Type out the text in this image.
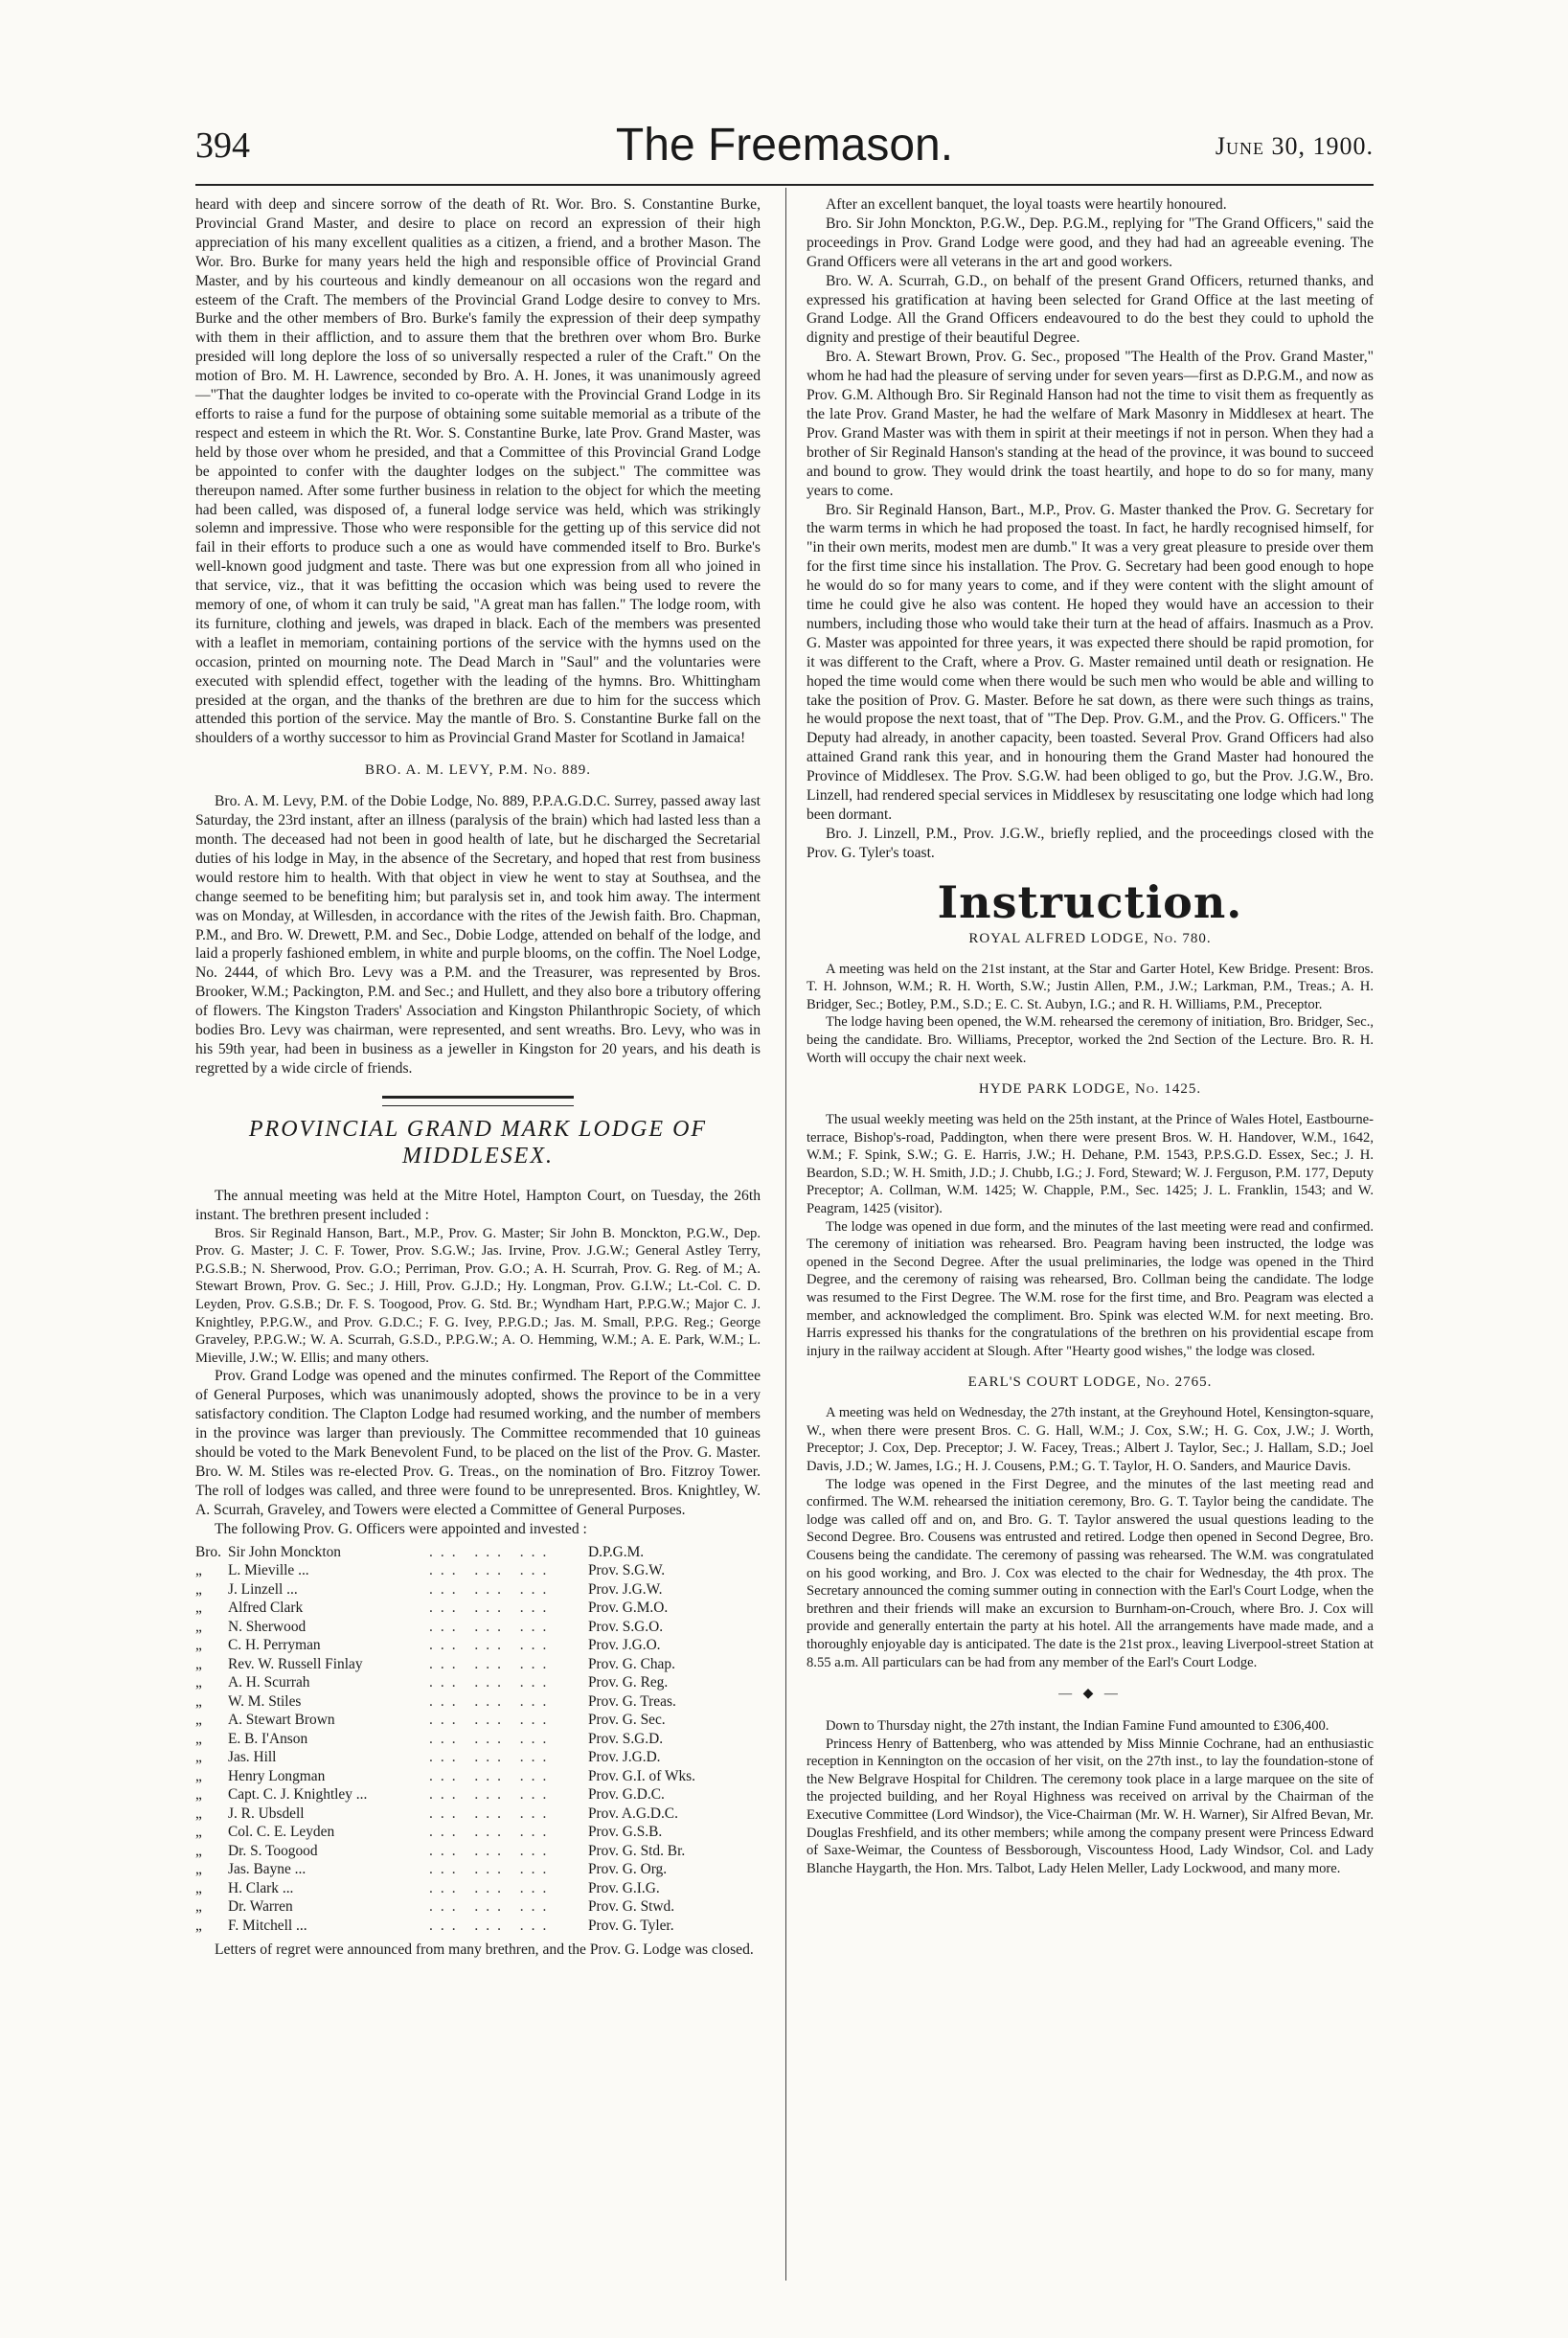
394	The Freemason.	June 30, 1900.

heard with deep and sincere sorrow of the death of Rt. Wor. Bro. S. Constantine Burke, Provincial Grand Master, and desire to place on record an expression of their high appreciation of his many excellent qualities as a citizen, a friend, and a brother Mason. The Wor. Bro. Burke for many years held the high and responsible office of Provincial Grand Master, and by his courteous and kindly demeanour on all occasions won the regard and esteem of the Craft. The members of the Provincial Grand Lodge desire to convey to Mrs. Burke and the other members of Bro. Burke's family the expression of their deep sympathy with them in their affliction, and to assure them that the brethren over whom Bro. Burke presided will long deplore the loss of so universally respected a ruler of the Craft." On the motion of Bro. M. H. Lawrence, seconded by Bro. A. H. Jones, it was unanimously agreed—"That the daughter lodges be invited to co-operate with the Provincial Grand Lodge in its efforts to raise a fund for the purpose of obtaining some suitable memorial as a tribute of the respect and esteem in which the Rt. Wor. S. Constantine Burke, late Prov. Grand Master, was held by those over whom he presided, and that a Committee of this Provincial Grand Lodge be appointed to confer with the daughter lodges on the subject." The committee was thereupon named. After some further business in relation to the object for which the meeting had been called, was disposed of, a funeral lodge service was held, which was strikingly solemn and impressive. Those who were responsible for the getting up of this service did not fail in their efforts to produce such a one as would have commended itself to Bro. Burke's well-known good judgment and taste. There was but one expression from all who joined in that service, viz., that it was befitting the occasion which was being used to revere the memory of one, of whom it can truly be said, "A great man has fallen." The lodge room, with its furniture, clothing and jewels, was draped in black. Each of the members was presented with a leaflet in memoriam, containing portions of the service with the hymns used on the occasion, printed on mourning note. The Dead March in "Saul" and the voluntaries were executed with splendid effect, together with the leading of the hymns. Bro. Whittingham presided at the organ, and the thanks of the brethren are due to him for the success which attended this portion of the service. May the mantle of Bro. S. Constantine Burke fall on the shoulders of a worthy successor to him as Provincial Grand Master for Scotland in Jamaica!

BRO. A. M. LEVY, P.M. No. 889.

Bro. A. M. Levy, P.M. of the Dobie Lodge, No. 889, P.P.A.G.D.C. Surrey, passed away last Saturday, the 23rd instant, after an illness (paralysis of the brain) which had lasted less than a month. The deceased had not been in good health of late, but he discharged the Secretarial duties of his lodge in May, in the absence of the Secretary, and hoped that rest from business would restore him to health. With that object in view he went to stay at Southsea, and the change seemed to be benefiting him; but paralysis set in, and took him away. The interment was on Monday, at Willesden, in accordance with the rites of the Jewish faith. Bro. Chapman, P.M., and Bro. W. Drewett, P.M. and Sec., Dobie Lodge, attended on behalf of the lodge, and laid a properly fashioned emblem, in white and purple blooms, on the coffin. The Noel Lodge, No. 2444, of which Bro. Levy was a P.M. and the Treasurer, was represented by Bros. Brooker, W.M.; Packington, P.M. and Sec.; and Hullett, and they also bore a tributory offering of flowers. The Kingston Traders' Association and Kingston Philanthropic Society, of which bodies Bro. Levy was chairman, were represented, and sent wreaths. Bro. Levy, who was in his 59th year, had been in business as a jeweller in Kingston for 20 years, and his death is regretted by a wide circle of friends.

PROVINCIAL GRAND MARK LODGE OF MIDDLESEX.

The annual meeting was held at the Mitre Hotel, Hampton Court, on Tuesday, the 26th instant. The brethren present included :

Bros. Sir Reginald Hanson, Bart., M.P., Prov. G. Master; Sir John B. Monckton, P.G.W., Dep. Prov. G. Master; J. C. F. Tower, Prov. S.G.W.; Jas. Irvine, Prov. J.G.W.; General Astley Terry, P.G.S.B.; N. Sherwood, Prov. G.O.; Perriman, Prov. G.O.; A. H. Scurrah, Prov. G. Reg. of M.; A. Stewart Brown, Prov. G. Sec.; J. Hill, Prov. G.J.D.; Hy. Longman, Prov. G.I.W.; Lt.-Col. C. D. Leyden, Prov. G.S.B.; Dr. F. S. Toogood, Prov. G. Std. Br.; Wyndham Hart, P.P.G.W.; Major C. J. Knightley, P.P.G.W., and Prov. G.D.C.; F. G. Ivey, P.P.G.D.; Jas. M. Small, P.P.G. Reg.; George Graveley, P.P.G.W.; W. A. Scurrah, G.S.D., P.P.G.W.; A. O. Hemming, W.M.; A. E. Park, W.M.; L. Mieville, J.W.; W. Ellis; and many others.

Prov. Grand Lodge was opened and the minutes confirmed. The Report of the Committee of General Purposes, which was unanimously adopted, shows the province to be in a very satisfactory condition. The Clapton Lodge had resumed working, and the number of members in the province was larger than previously. The Committee recommended that 10 guineas should be voted to the Mark Benevolent Fund, to be placed on the list of the Prov. G. Master. Bro. W. M. Stiles was re-elected Prov. G. Treas., on the nomination of Bro. Fitzroy Tower. The roll of lodges was called, and three were found to be unrepresented. Bros. Knightley, W. A. Scurrah, Graveley, and Towers were elected a Committee of General Purposes.

The following Prov. G. Officers were appointed and invested :

Bro. Sir John Monckton	... ... ...	D.P.G.M.
„	L. Mieville ...	... ... ...	Prov. S.G.W.
„	J. Linzell ...	... ... ...	Prov. J.G.W.
„	Alfred Clark	... ... ...	Prov. G.M.O.
„	N. Sherwood	... ... ...	Prov. S.G.O.
„	C. H. Perryman	... ... ...	Prov. J.G.O.
„	Rev. W. Russell Finlay	... ... ...	Prov. G. Chap.
„	A. H. Scurrah	... ... ...	Prov. G. Reg.
„	W. M. Stiles	... ... ...	Prov. G. Treas.
„	A. Stewart Brown	... ... ...	Prov. G. Sec.
„	E. B. I'Anson	... ... ...	Prov. S.G.D.
„	Jas. Hill	... ... ...	Prov. J.G.D.
„	Henry Longman	... ... ...	Prov. G.I. of Wks.
„	Capt. C. J. Knightley ...	... ... ...	Prov. G.D.C.
„	J. R. Ubsdell	... ... ...	Prov. A.G.D.C.
„	Col. C. E. Leyden	... ... ...	Prov. G.S.B.
„	Dr. S. Toogood	... ... ...	Prov. G. Std. Br.
„	Jas. Bayne ...	... ... ...	Prov. G. Org.
„	H. Clark ...	... ... ...	Prov. G.I.G.
„	Dr. Warren	... ... ...	Prov. G. Stwd.
„	F. Mitchell ...	... ... ...	Prov. G. Tyler.

Letters of regret were announced from many brethren, and the Prov. G. Lodge was closed.

After an excellent banquet, the loyal toasts were heartily honoured.

Bro. Sir John Monckton, P.G.W., Dep. P.G.M., replying for "The Grand Officers," said the proceedings in Prov. Grand Lodge were good, and they had had an agreeable evening. The Grand Officers were all veterans in the art and good workers.

Bro. W. A. Scurrah, G.D., on behalf of the present Grand Officers, returned thanks, and expressed his gratification at having been selected for Grand Office at the last meeting of Grand Lodge. All the Grand Officers endeavoured to do the best they could to uphold the dignity and prestige of their beautiful Degree.

Bro. A. Stewart Brown, Prov. G. Sec., proposed "The Health of the Prov. Grand Master," whom he had had the pleasure of serving under for seven years—first as D.P.G.M., and now as Prov. G.M. Although Bro. Sir Reginald Hanson had not the time to visit them as frequently as the late Prov. Grand Master, he had the welfare of Mark Masonry in Middlesex at heart. The Prov. Grand Master was with them in spirit at their meetings if not in person. When they had a brother of Sir Reginald Hanson's standing at the head of the province, it was bound to succeed and bound to grow. They would drink the toast heartily, and hope to do so for many, many years to come.

Bro. Sir Reginald Hanson, Bart., M.P., Prov. G. Master thanked the Prov. G. Secretary for the warm terms in which he had proposed the toast. In fact, he hardly recognised himself, for "in their own merits, modest men are dumb." It was a very great pleasure to preside over them for the first time since his installation. The Prov. G. Secretary had been good enough to hope he would do so for many years to come, and if they were content with the slight amount of time he could give he also was content. He hoped they would have an accession to their numbers, including those who would take their turn at the head of affairs. Inasmuch as a Prov. G. Master was appointed for three years, it was expected there should be rapid promotion, for it was different to the Craft, where a Prov. G. Master remained until death or resignation. He hoped the time would come when there would be such men who would be able and willing to take the position of Prov. G. Master. Before he sat down, as there were such things as trains, he would propose the next toast, that of "The Dep. Prov. G.M., and the Prov. G. Officers." The Deputy had already, in another capacity, been toasted. Several Prov. Grand Officers had also attained Grand rank this year, and in honouring them the Grand Master had honoured the Province of Middlesex. The Prov. S.G.W. had been obliged to go, but the Prov. J.G.W., Bro. Linzell, had rendered special services in Middlesex by resuscitating one lodge which had long been dormant.

Bro. J. Linzell, P.M., Prov. J.G.W., briefly replied, and the proceedings closed with the Prov. G. Tyler's toast.

Instruction.
ROYAL ALFRED LODGE, No. 780.

A meeting was held on the 21st instant, at the Star and Garter Hotel, Kew Bridge. Present: Bros. T. H. Johnson, W.M.; R. H. Worth, S.W.; Justin Allen, P.M., J.W.; Larkman, P.M., Treas.; A. H. Bridger, Sec.; Botley, P.M., S.D.; E. C. St. Aubyn, I.G.; and R. H. Williams, P.M., Preceptor.

The lodge having been opened, the W.M. rehearsed the ceremony of initiation, Bro. Bridger, Sec., being the candidate. Bro. Williams, Preceptor, worked the 2nd Section of the Lecture. Bro. R. H. Worth will occupy the chair next week.

HYDE PARK LODGE, No. 1425.

The usual weekly meeting was held on the 25th instant, at the Prince of Wales Hotel, Eastbourne-terrace, Bishop's-road, Paddington, when there were present Bros. W. H. Handover, W.M., 1642, W.M.; F. Spink, S.W.; G. E. Harris, J.W.; H. Dehane, P.M. 1543, P.P.S.G.D. Essex, Sec.; J. H. Beardon, S.D.; W. H. Smith, J.D.; J. Chubb, I.G.; J. Ford, Steward; W. J. Ferguson, P.M. 177, Deputy Preceptor; A. Collman, W.M. 1425; W. Chapple, P.M., Sec. 1425; J. L. Franklin, 1543; and W. Peagram, 1425 (visitor).

The lodge was opened in due form, and the minutes of the last meeting were read and confirmed. The ceremony of initiation was rehearsed. Bro. Peagram having been instructed, the lodge was opened in the Second Degree. After the usual preliminaries, the lodge was opened in the Third Degree, and the ceremony of raising was rehearsed, Bro. Collman being the candidate. The lodge was resumed to the First Degree. The W.M. rose for the first time, and Bro. Peagram was elected a member, and acknowledged the compliment. Bro. Spink was elected W.M. for next meeting. Bro. Harris expressed his thanks for the congratulations of the brethren on his providential escape from injury in the railway accident at Slough. After "Hearty good wishes," the lodge was closed.

EARL'S COURT LODGE, No. 2765.

A meeting was held on Wednesday, the 27th instant, at the Greyhound Hotel, Kensington-square, W., when there were present Bros. C. G. Hall, W.M.; J. Cox, S.W.; H. G. Cox, J.W.; J. Worth, Preceptor; J. Cox, Dep. Preceptor; J. W. Facey, Treas.; Albert J. Taylor, Sec.; J. Hallam, S.D.; Joel Davis, J.D.; W. James, I.G.; H. J. Cousens, P.M.; G. T. Taylor, H. O. Sanders, and Maurice Davis.

The lodge was opened in the First Degree, and the minutes of the last meeting read and confirmed. The W.M. rehearsed the initiation ceremony, Bro. G. T. Taylor being the candidate. The lodge was called off and on, and Bro. G. T. Taylor answered the usual questions leading to the Second Degree. Bro. Cousens was entrusted and retired. Lodge then opened in Second Degree, Bro. Cousens being the candidate. The ceremony of passing was rehearsed. The W.M. was congratulated on his good working, and Bro. J. Cox was elected to the chair for Wednesday, the 4th prox. The Secretary announced the coming summer outing in connection with the Earl's Court Lodge, when the brethren and their friends will make an excursion to Burnham-on-Crouch, where Bro. J. Cox will provide and generally entertain the party at his hotel. All the arrangements have made made, and a thoroughly enjoyable day is anticipated. The date is the 21st prox., leaving Liverpool-street Station at 8.55 a.m. All particulars can be had from any member of the Earl's Court Lodge.

— ◆ —

Down to Thursday night, the 27th instant, the Indian Famine Fund amounted to £306,400.

Princess Henry of Battenberg, who was attended by Miss Minnie Cochrane, had an enthusiastic reception in Kennington on the occasion of her visit, on the 27th inst., to lay the foundation-stone of the New Belgrave Hospital for Children. The ceremony took place in a large marquee on the site of the projected building, and her Royal Highness was received on arrival by the Chairman of the Executive Committee (Lord Windsor), the Vice-Chairman (Mr. W. H. Warner), Sir Alfred Bevan, Mr. Douglas Freshfield, and its other members; while among the company present were Princess Edward of Saxe-Weimar, the Countess of Bessborough, Viscountess Hood, Lady Windsor, Col. and Lady Blanche Haygarth, the Hon. Mrs. Talbot, Lady Helen Meller, Lady Lockwood, and many more.
